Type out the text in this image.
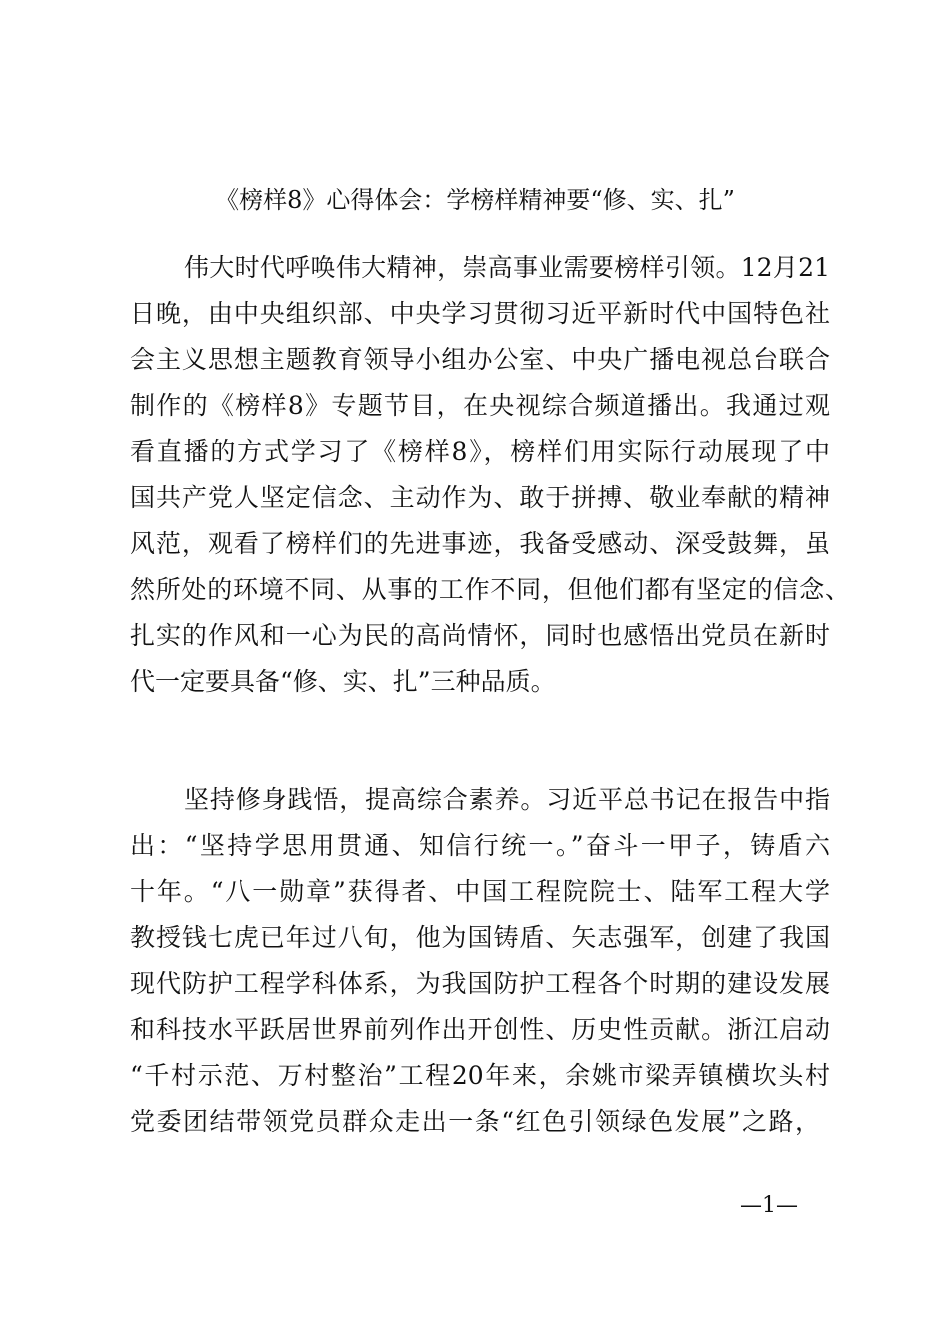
《榜样8》心得体会：学榜样精神要“修、实、扎”
伟大时代呼唤伟大精神，崇高事业需要榜样引领。12月21
日晚，由中央组织部、中央学习贯彻习近平新时代中国特色社
会主义思想主题教育领导小组办公室、中央广播电视总台联合
制作的《榜样8》专题节目，在央视综合频道播出。我通过观
看直播的方式学习了《榜样8》，榜样们用实际行动展现了中
国共产党人坚定信念、主动作为、敢于拼搏、敬业奉献的精神
风范，观看了榜样们的先进事迹，我备受感动、深受鼓舞，虽
然所处的环境不同、从事的工作不同，但他们都有坚定的信念、
扎实的作风和一心为民的高尚情怀，同时也感悟出党员在新时
代一定要具备“修、实、扎”三种品质。
坚持修身践悟，提高综合素养。习近平总书记在报告中指
出：“坚持学思用贯通、知信行统一。”奋斗一甲子，铸盾六
十年。“八一勋章”获得者、中国工程院院士、陆军工程大学
教授钱七虎已年过八旬，他为国铸盾、矢志强军，创建了我国
现代防护工程学科体系，为我国防护工程各个时期的建设发展
和科技水平跃居世界前列作出开创性、历史性贡献。浙江启动
“千村示范、万村整治”工程20年来，余姚市梁弄镇横坎头村
党委团结带领党员群众走出一条“红色引领绿色发展”之路，
—1—
